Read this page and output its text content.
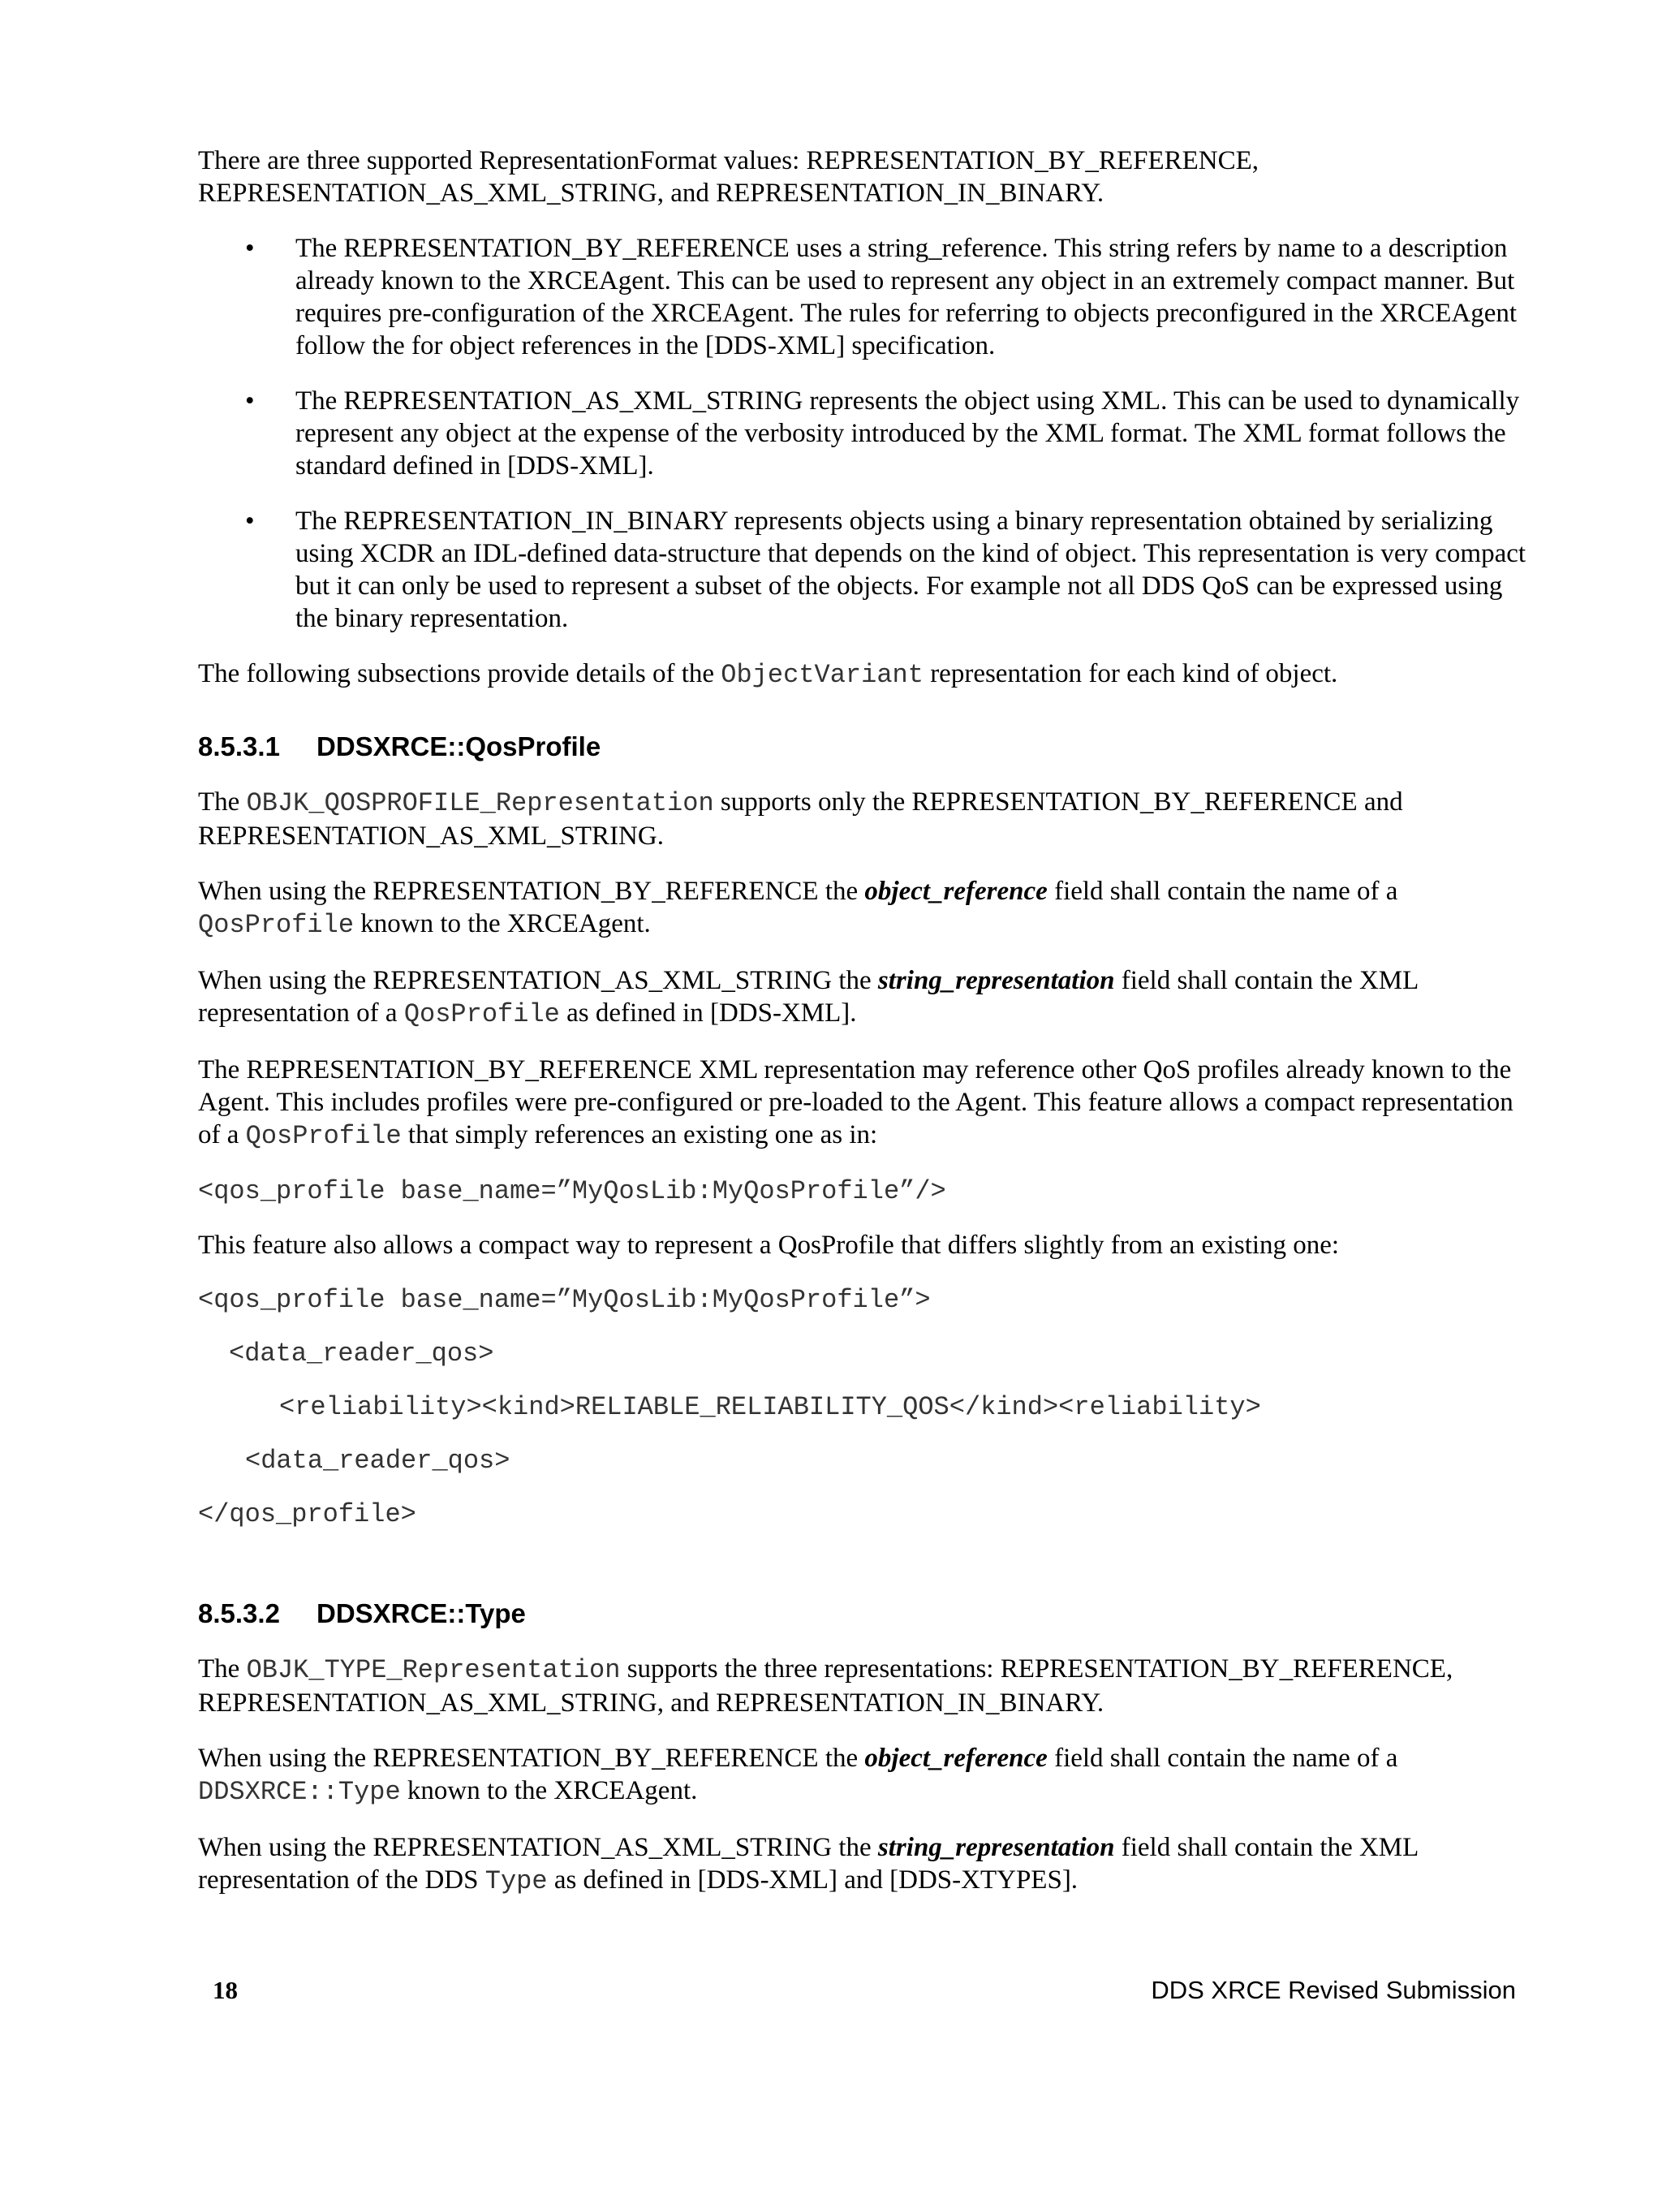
There are three supported RepresentationFormat values: REPRESENTATION_BY_REFERENCE, REPRESENTATION_AS_XML_STRING, and REPRESENTATION_IN_BINARY.

• The REPRESENTATION_BY_REFERENCE uses a string_reference. This string refers by name to a description already known to the XRCEAgent. This can be used to represent any object in an extremely compact manner. But requires pre-configuration of the XRCEAgent. The rules for referring to objects preconfigured in the XRCEAgent follow the for object references in the [DDS-XML] specification.
• The REPRESENTATION_AS_XML_STRING represents the object using XML. This can be used to dynamically represent any object at the expense of the verbosity introduced by the XML format. The XML format follows the standard defined in [DDS-XML].
• The REPRESENTATION_IN_BINARY represents objects using a binary representation obtained by serializing using XCDR an IDL-defined data-structure that depends on the kind of object. This representation is very compact but it can only be used to represent a subset of the objects. For example not all DDS QoS can be expressed using the binary representation.

The following subsections provide details of the ObjectVariant representation for each kind of object.

8.5.3.1 DDSXRCE::QosProfile

The OBJK_QOSPROFILE_Representation supports only the REPRESENTATION_BY_REFERENCE and REPRESENTATION_AS_XML_STRING.

When using the REPRESENTATION_BY_REFERENCE the object_reference field shall contain the name of a QosProfile known to the XRCEAgent.

When using the REPRESENTATION_AS_XML_STRING the string_representation field shall contain the XML representation of a QosProfile as defined in [DDS-XML].

The REPRESENTATION_BY_REFERENCE XML representation may reference other QoS profiles already known to the Agent. This includes profiles were pre-configured or pre-loaded to the Agent. This feature allows a compact representation of a QosProfile that simply references an existing one as in:

<qos_profile base_name=”MyQosLib:MyQosProfile”/>

This feature also allows a compact way to represent a QosProfile that differs slightly from an existing one:

<qos_profile base_name=”MyQosLib:MyQosProfile”>
<data_reader_qos>
<reliability><kind>RELIABLE_RELIABILITY_QOS</kind><reliability>
<data_reader_qos>
</qos_profile>
8.5.3.2 DDSXRCE::Type

The OBJK_TYPE_Representation supports the three representations: REPRESENTATION_BY_REFERENCE, REPRESENTATION_AS_XML_STRING, and REPRESENTATION_IN_BINARY.

When using the REPRESENTATION_BY_REFERENCE the object_reference field shall contain the name of a DDSXRCE::Type known to the XRCEAgent.

When using the REPRESENTATION_AS_XML_STRING the string_representation field shall contain the XML representation of the DDS Type as defined in [DDS-XML] and [DDS-XTYPES].

18	DDS XRCE Revised Submission
